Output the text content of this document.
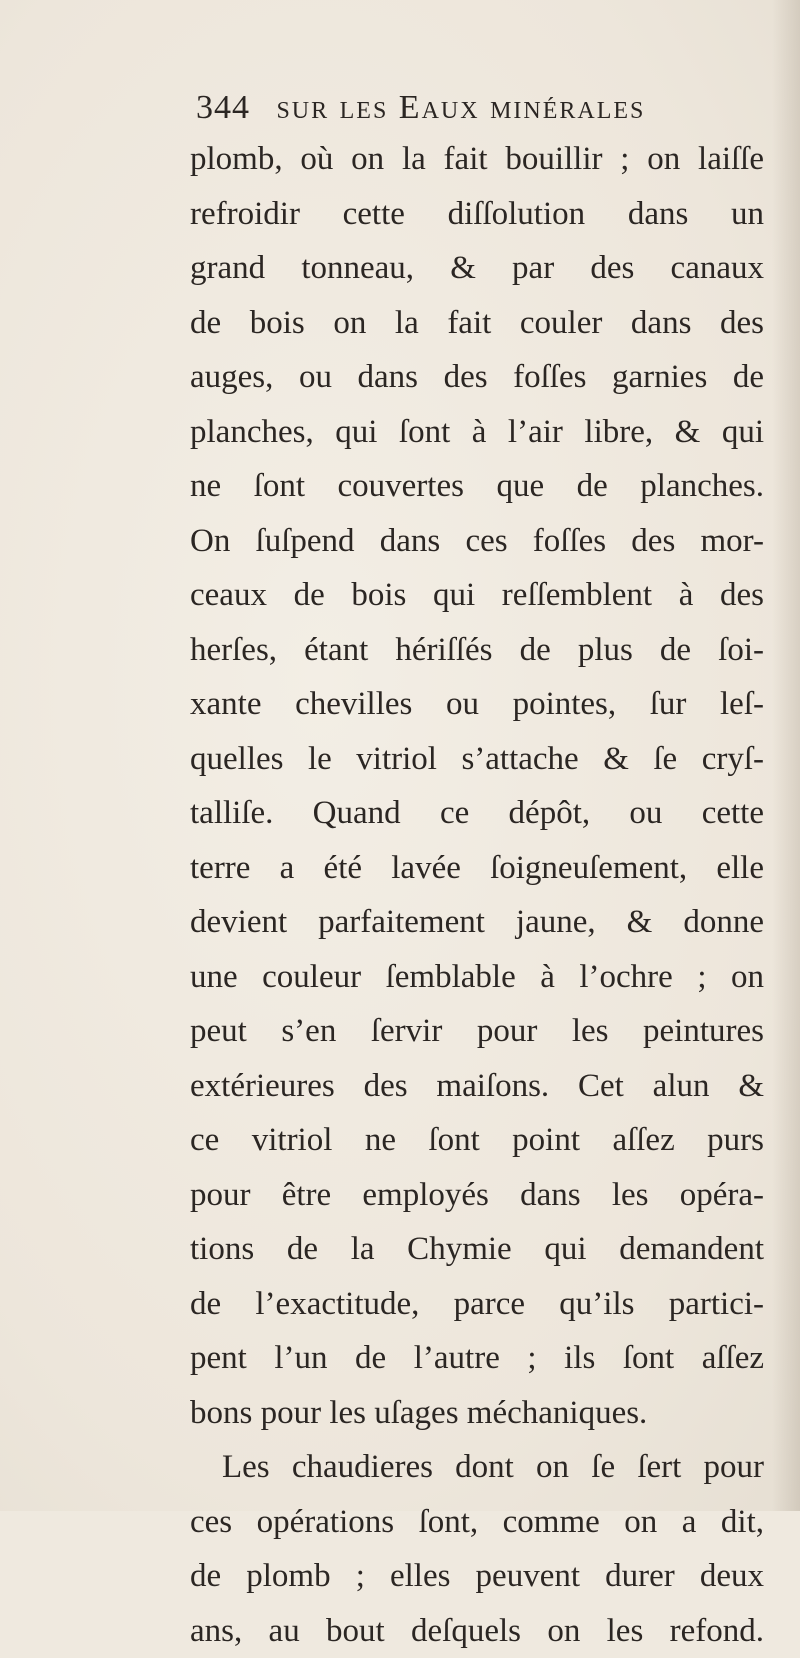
344 sur les Eaux minérales
plomb, où on la fait bouillir ; on laiſſe
refroidir cette diſſolution dans un
grand tonneau, & par des canaux
de bois on la fait couler dans des
auges, ou dans des foſſes garnies de
planches, qui ſont à l’air libre, & qui
ne ſont couvertes que de planches.
On ſuſpend dans ces foſſes des mor-
ceaux de bois qui reſſemblent à des
herſes, étant hériſſés de plus de ſoi-
xante chevilles ou pointes, ſur leſ-
quelles le vitriol s’attache & ſe cryſ-
talliſe. Quand ce dépôt, ou cette
terre a été lavée ſoigneuſement, elle
devient parfaitement jaune, & donne
une couleur ſemblable à l’ochre ; on
peut s’en ſervir pour les peintures
extérieures des maiſons. Cet alun &
ce vitriol ne ſont point aſſez purs
pour être employés dans les opéra-
tions de la Chymie qui demandent
de l’exactitude, parce qu’ils partici-
pent l’un de l’autre ; ils ſont aſſez
bons pour les uſages méchaniques.
Les chaudieres dont on ſe ſert pour
ces opérations ſont, comme on a dit,
de plomb ; elles peuvent durer deux
ans, au bout deſquels on les refond.
